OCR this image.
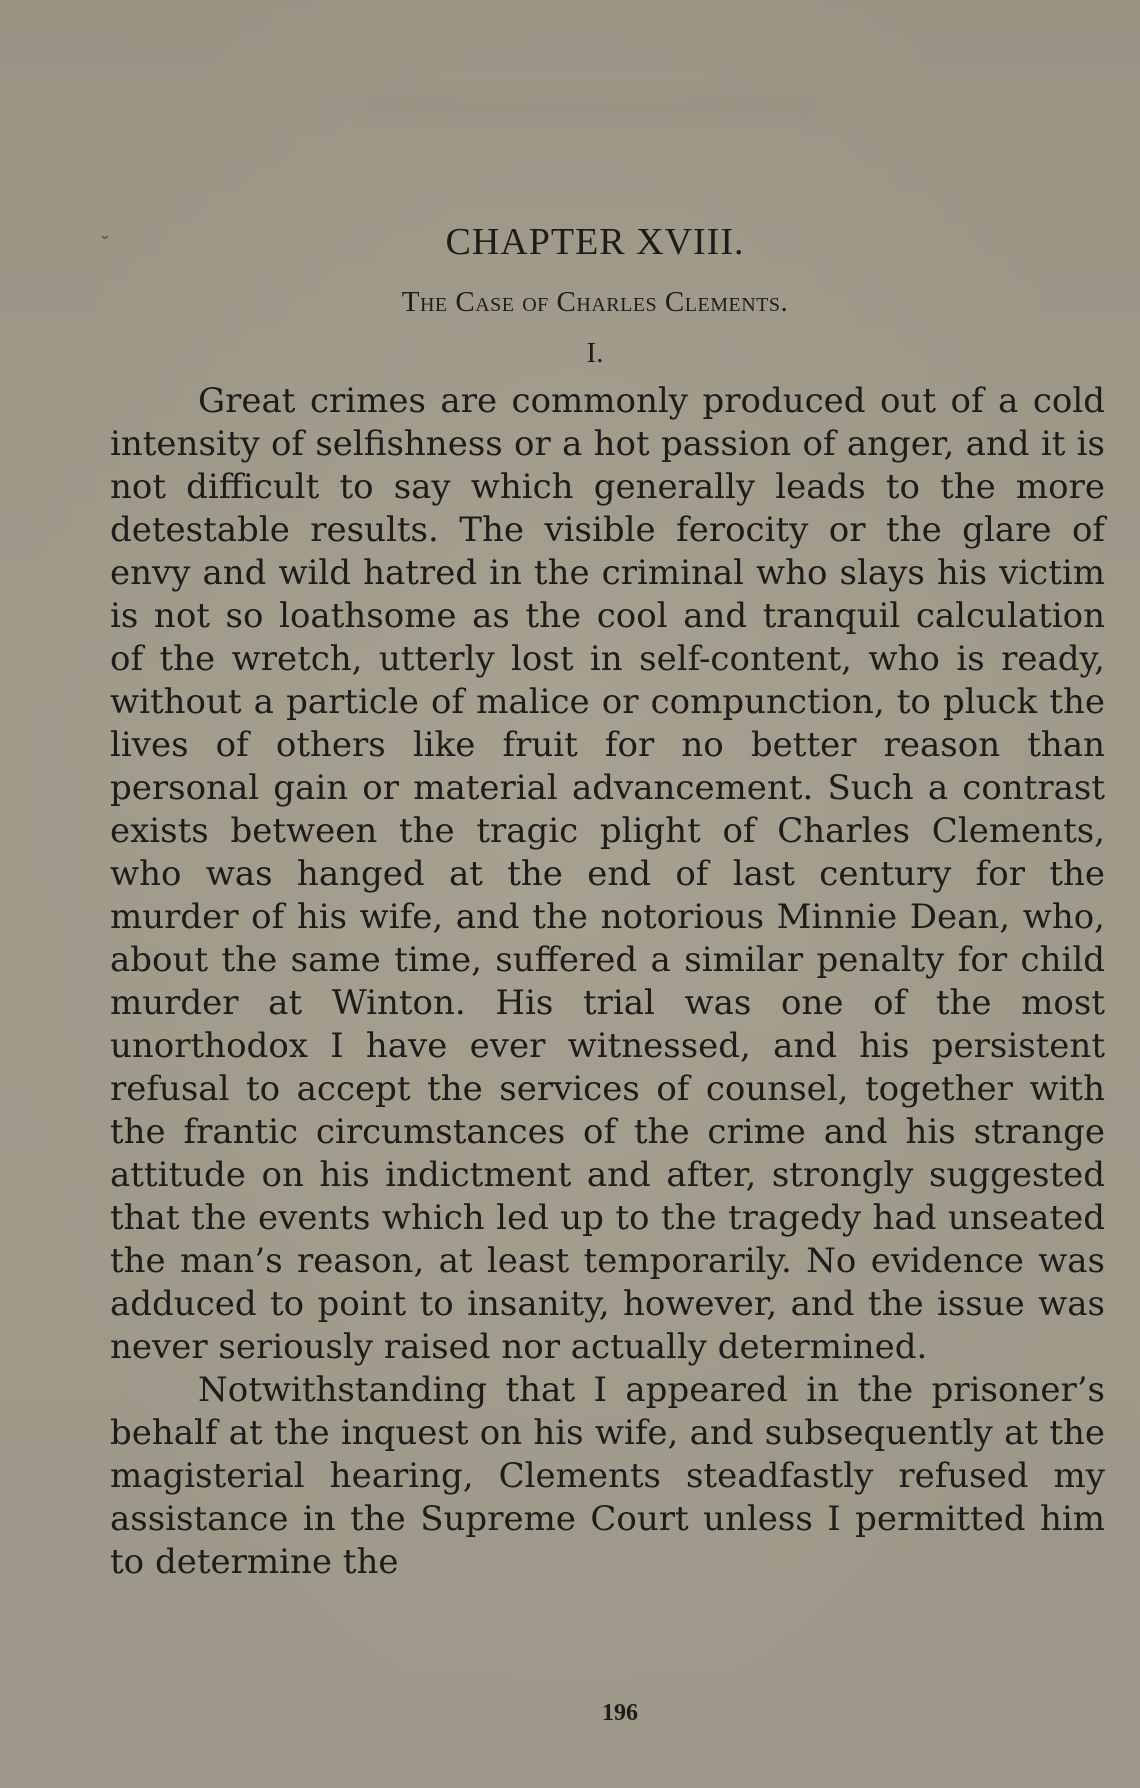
˘	CHAPTER XVIII.
The Case of Charles Clements.
I.

Great crimes are commonly produced out of a cold intensity of selfishness or a hot passion of anger, and it is not difficult to say which generally leads to the more detestable results. The visible ferocity or the glare of envy and wild hatred in the criminal who slays his victim is not so loathsome as the cool and tranquil calculation of the wretch, utterly lost in self-content, who is ready, without a particle of malice or compunction, to pluck the lives of others like fruit for no better reason than personal gain or material advancement. Such a contrast exists between the tragic plight of Charles Clements, who was hanged at the end of last century for the murder of his wife, and the notorious Minnie Dean, who, about the same time, suffered a similar penalty for child murder at Winton. His trial was one of the most unorthodox I have ever witnessed, and his persistent refusal to accept the services of counsel, together with the frantic circumstances of the crime and his strange attitude on his indictment and after, strongly suggested that the events which led up to the tragedy had unseated the man’s reason, at least temporarily. No evidence was adduced to point to insanity, however, and the issue was never seriously raised nor actually determined.

Notwithstanding that I appeared in the prisoner’s behalf at the inquest on his wife, and subsequently at the magisterial hearing, Clements steadfastly refused my assistance in the Supreme Court unless I permitted him to determine the

196
